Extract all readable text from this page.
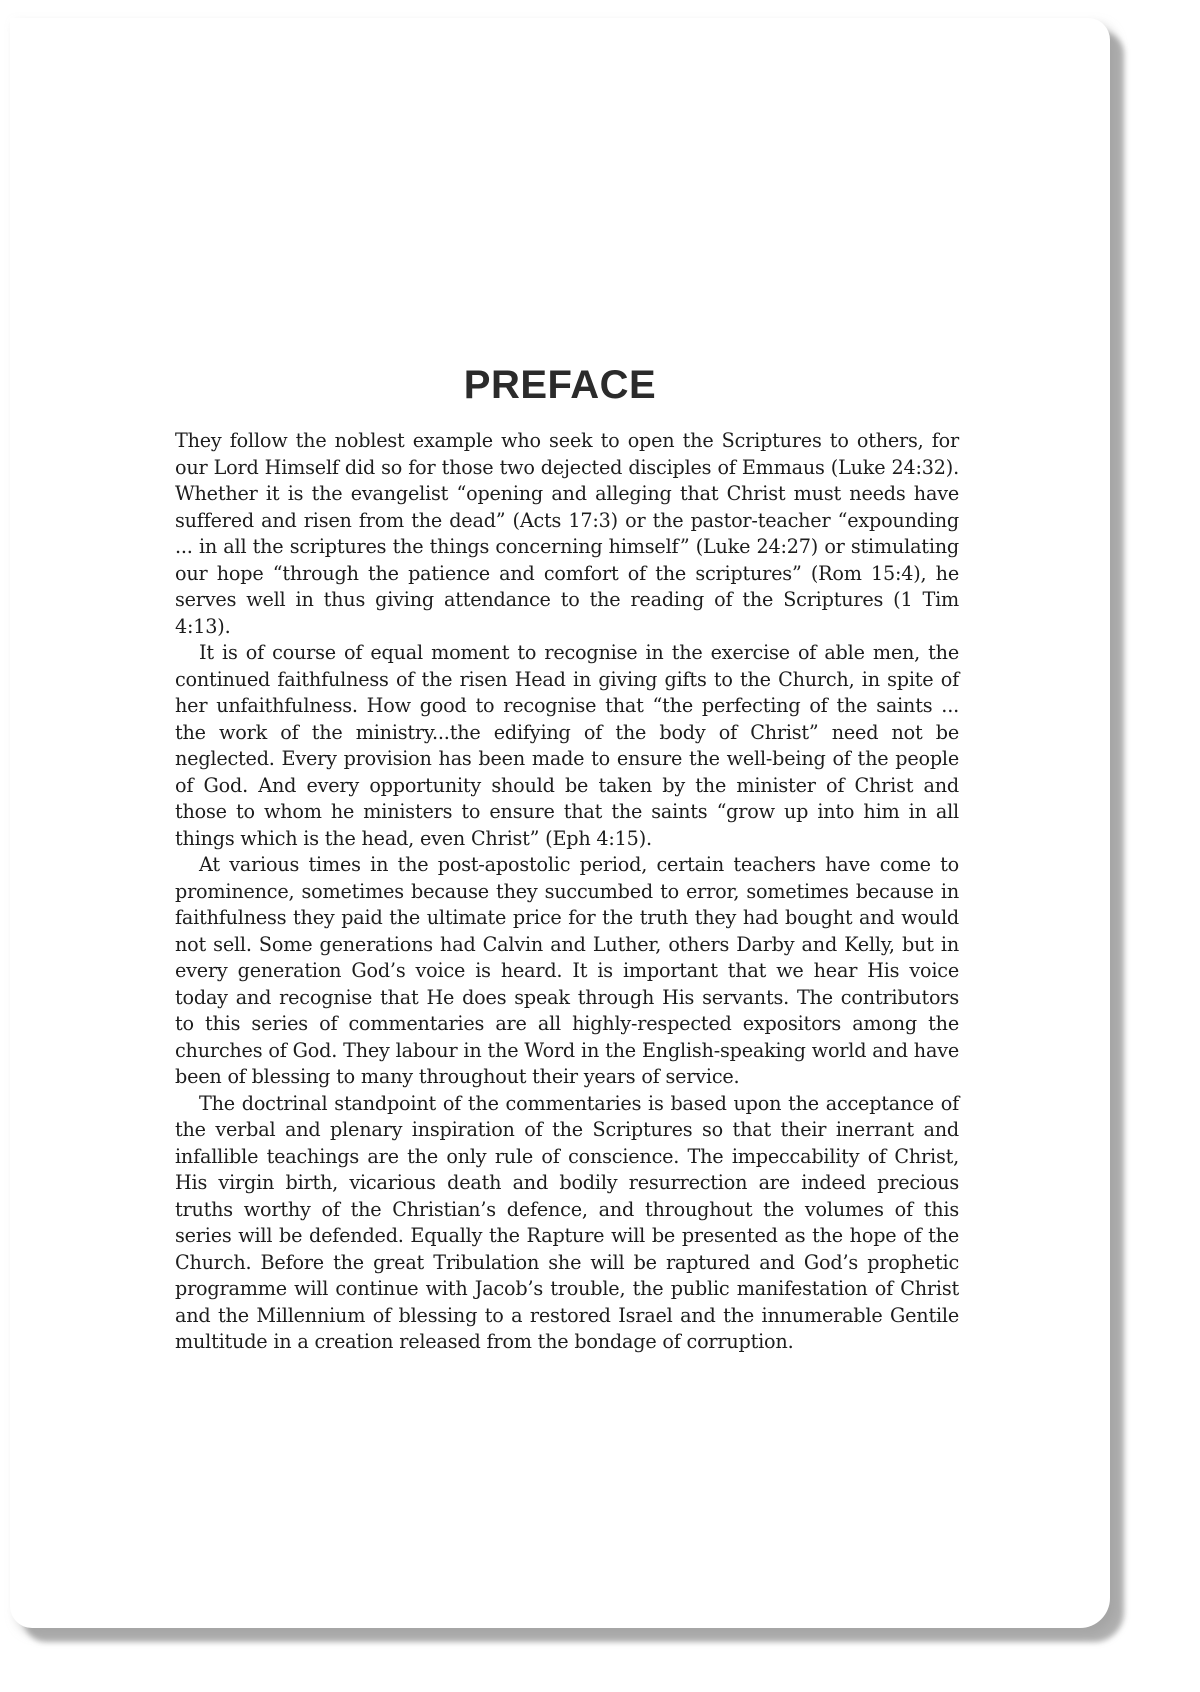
PREFACE

They follow the noblest example who seek to open the Scriptures to others, for our Lord Himself did so for those two dejected disciples of Emmaus (Luke 24:32). Whether it is the evangelist “opening and alleging that Christ must needs have suffered and risen from the dead” (Acts 17:3) or the pastor-teacher “expounding ... in all the scriptures the things concerning himself” (Luke 24:27) or stimulating our hope “through the patience and comfort of the scriptures” (Rom 15:4), he serves well in thus giving attendance to the reading of the Scriptures (1 Tim 4:13).

It is of course of equal moment to recognise in the exercise of able men, the continued faithfulness of the risen Head in giving gifts to the Church, in spite of her unfaithfulness. How good to recognise that “the perfecting of the saints ... the work of the ministry...the edifying of the body of Christ” need not be neglected. Every provision has been made to ensure the well-being of the people of God. And every opportunity should be taken by the minister of Christ and those to whom he ministers to ensure that the saints “grow up into him in all things which is the head, even Christ” (Eph 4:15).

At various times in the post-apostolic period, certain teachers have come to prominence, sometimes because they succumbed to error, sometimes because in faithfulness they paid the ultimate price for the truth they had bought and would not sell. Some generations had Calvin and Luther, others Darby and Kelly, but in every generation God’s voice is heard. It is important that we hear His voice today and recognise that He does speak through His servants. The contributors to this series of commentaries are all highly-respected expositors among the churches of God. They labour in the Word in the English-speaking world and have been of blessing to many throughout their years of service.

The doctrinal standpoint of the commentaries is based upon the acceptance of the verbal and plenary inspiration of the Scriptures so that their inerrant and infallible teachings are the only rule of conscience. The impeccability of Christ, His virgin birth, vicarious death and bodily resurrection are indeed precious truths worthy of the Christian’s defence, and throughout the volumes of this series will be defended. Equally the Rapture will be presented as the hope of the Church. Before the great Tribulation she will be raptured and God’s prophetic programme will continue with Jacob’s trouble, the public manifestation of Christ and the Millennium of blessing to a restored Israel and the innumerable Gentile multitude in a creation released from the bondage of corruption.
